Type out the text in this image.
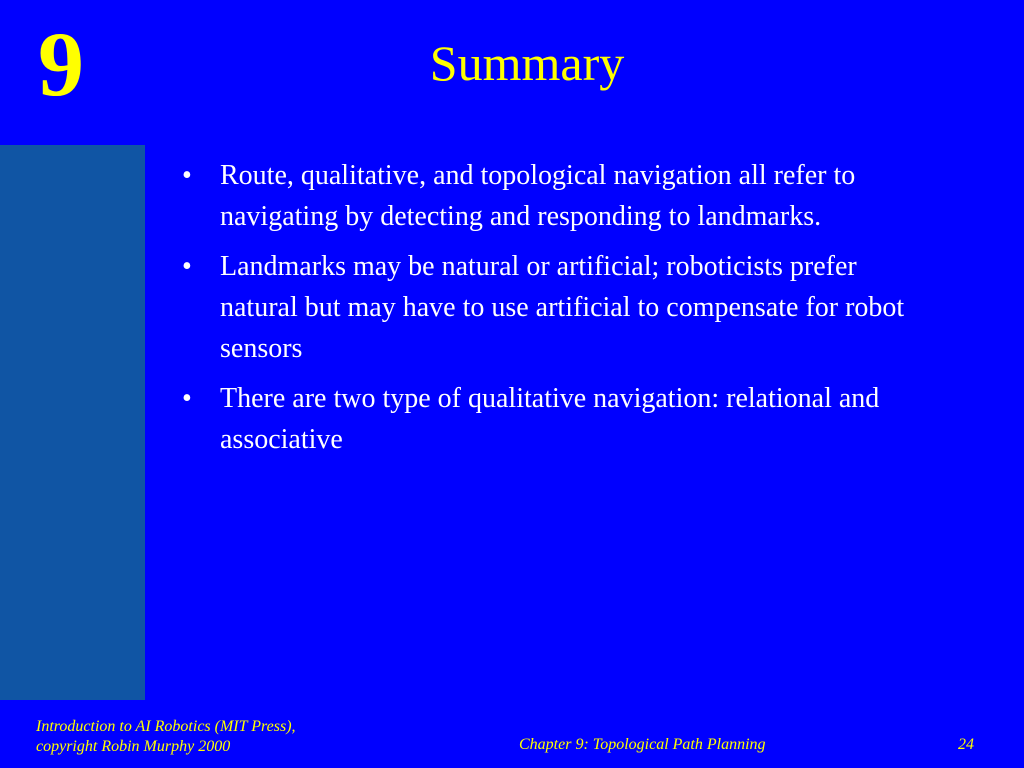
9	Summary
•	Route, qualitative, and topological navigation all refer to navigating by detecting and responding to landmarks.
•	Landmarks may be natural or artificial; roboticists prefer natural but may have to use artificial to compensate for robot sensors
•	There are two type of qualitative navigation: relational and associative
Introduction to AI Robotics (MIT Press),
copyright Robin Murphy 2000	Chapter 9: Topological Path Planning	24
